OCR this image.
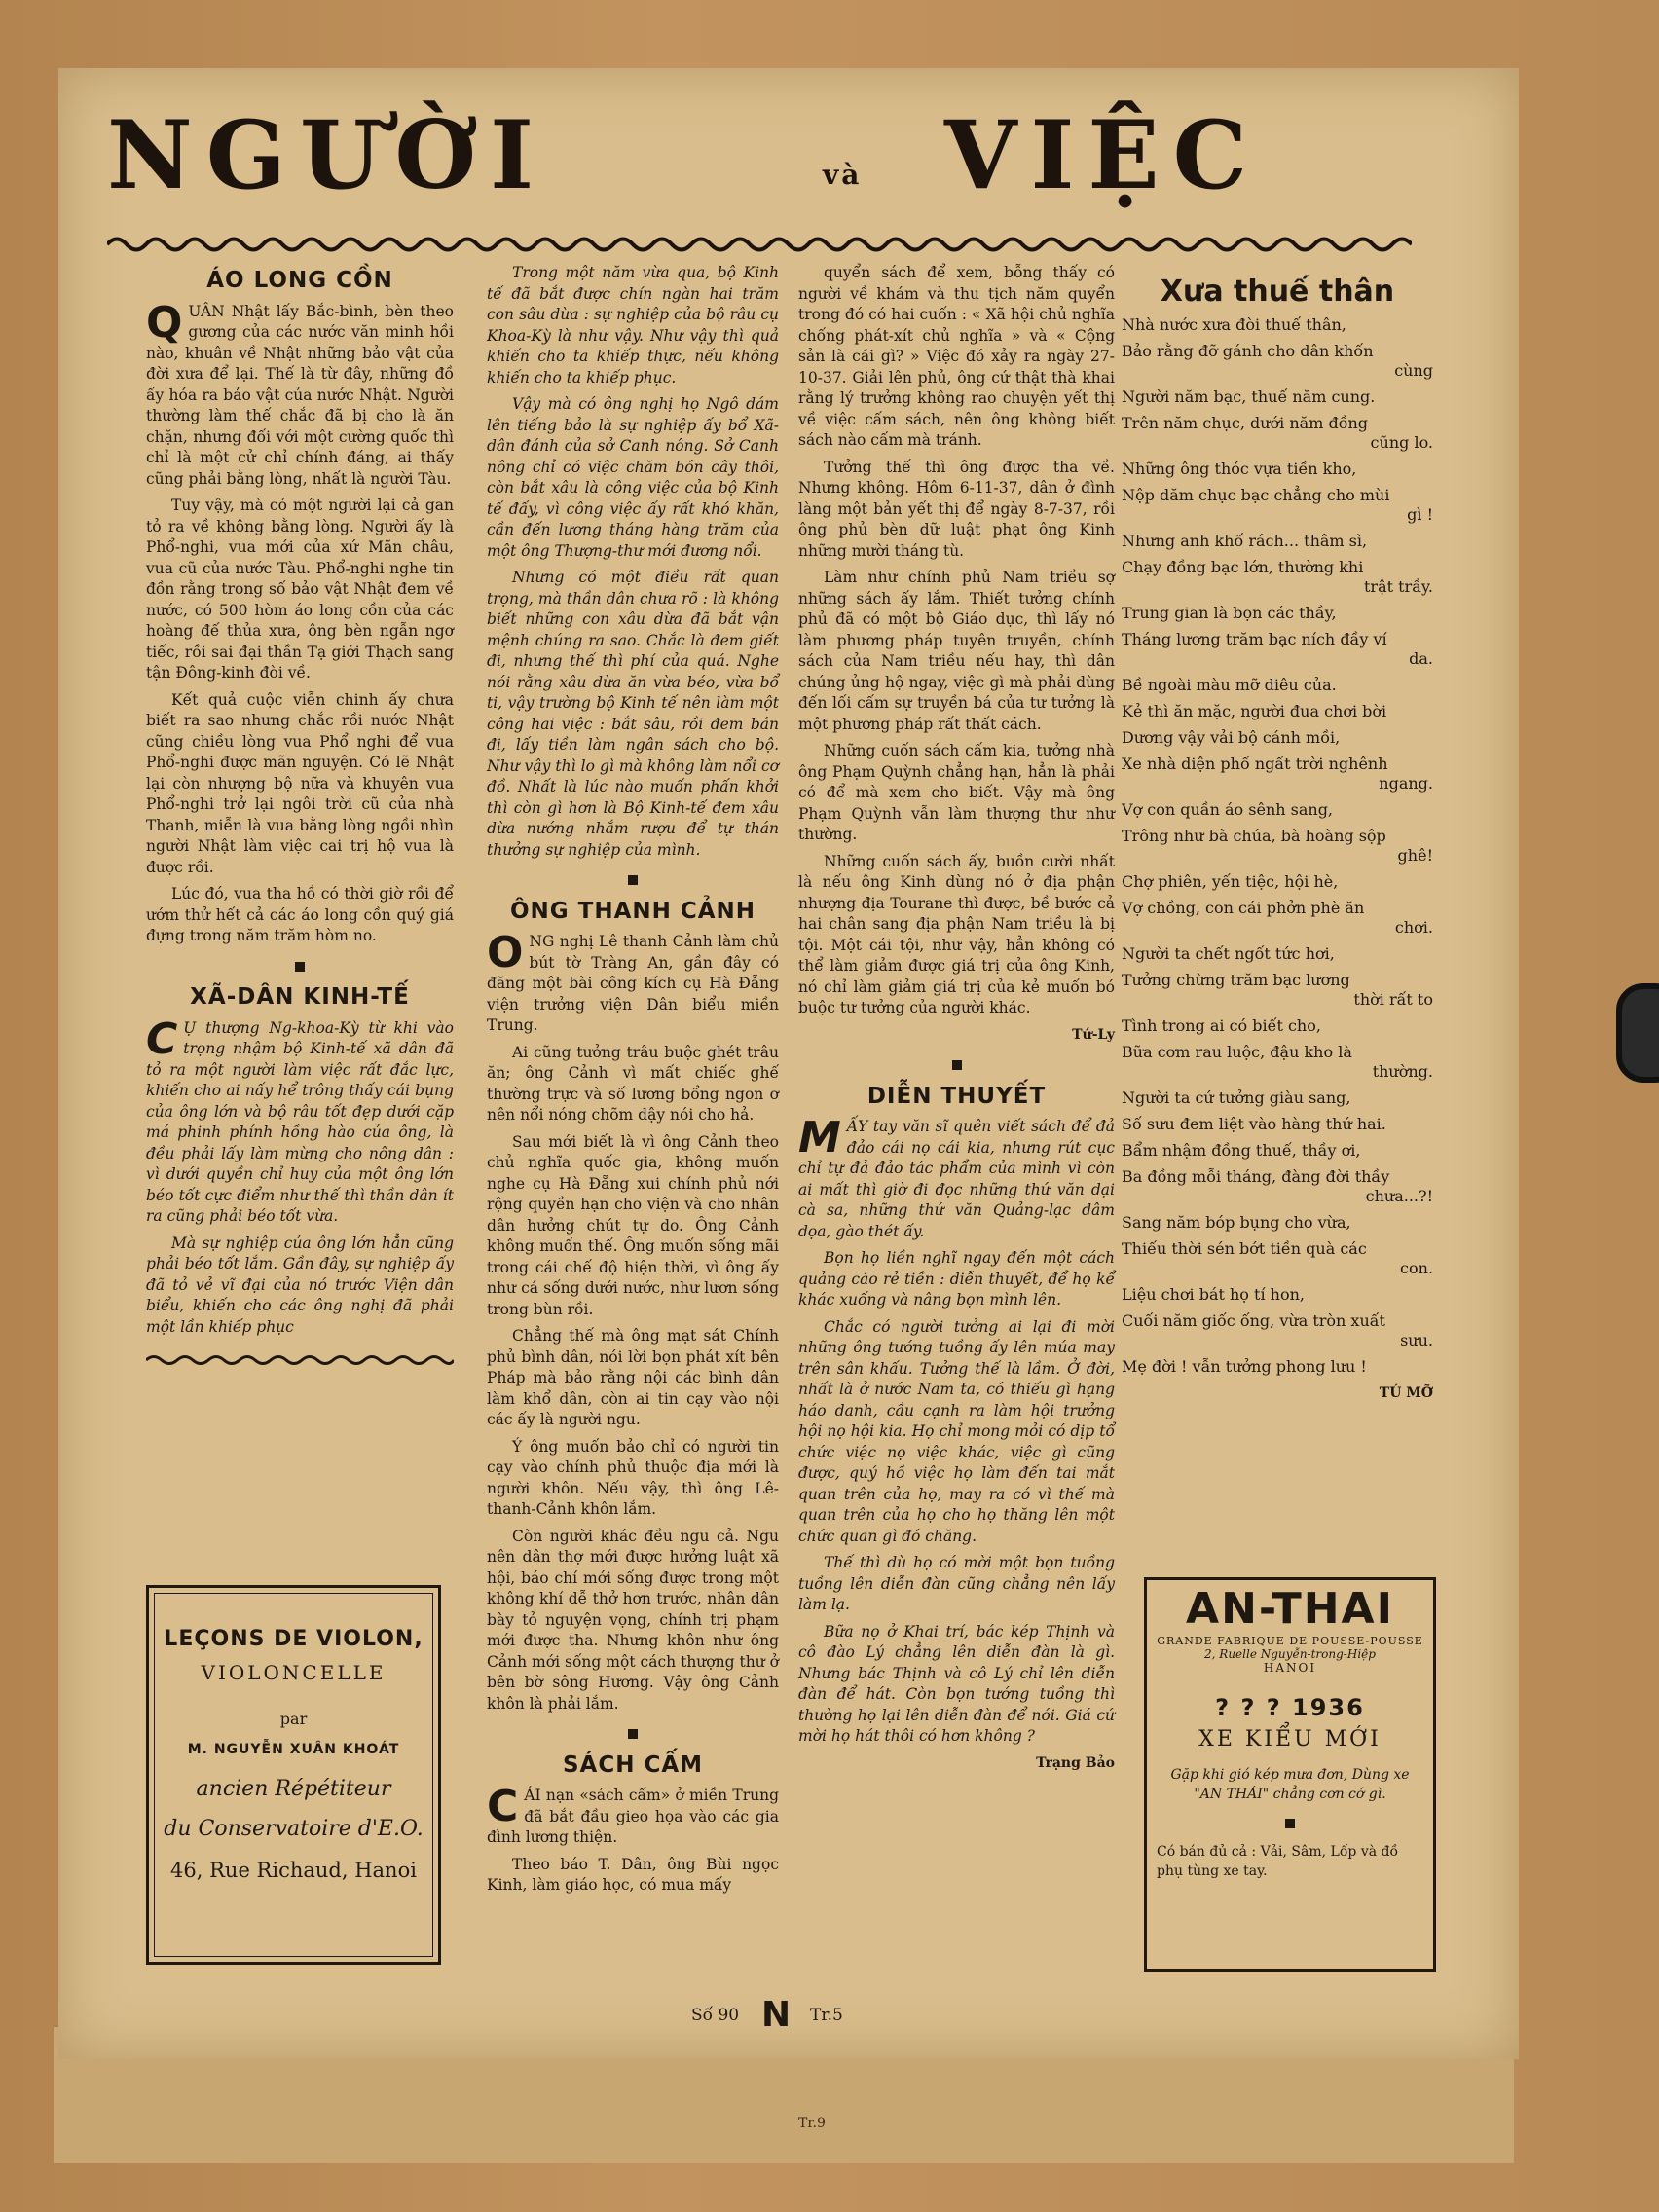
Tr.9
NGƯỜI	và VIỆC
ÁO LONG CỒN

QUÂN Nhật lấy Bắc-bình, bèn theo gương của các nước văn minh hồi nào, khuân về Nhật những bảo vật của đời xưa để lại. Thế là từ đây, những đồ ấy hóa ra bảo vật của nước Nhật. Người thường làm thế chắc đã bị cho là ăn chặn, nhưng đối với một cường quốc thì chỉ là một cử chỉ chính đáng, ai thấy cũng phải bằng lòng, nhất là người Tàu.

Tuy vậy, mà có một người lại cả gan tỏ ra về không bằng lòng. Người ấy là Phổ-nghi, vua mới của xứ Mãn châu, vua cũ của nước Tàu. Phổ-nghi nghe tin đồn rằng trong số bảo vật Nhật đem về nước, có 500 hòm áo long cồn của các hoàng đế thủa xưa, ông bèn ngẫn ngơ tiếc, rồi sai đại thần Tạ giới Thạch sang tận Đông-kinh đòi về.

Kết quả cuộc viễn chinh ấy chưa biết ra sao nhưng chắc rồi nước Nhật cũng chiều lòng vua Phổ nghi để vua Phổ-nghi được mãn nguyện. Có lẽ Nhật lại còn nhượng bộ nữa và khuyên vua Phổ-nghi trở lại ngôi trời cũ của nhà Thanh, miễn là vua bằng lòng ngồi nhìn người Nhật làm việc cai trị hộ vua là được rồi.

Lúc đó, vua tha hồ có thời giờ rồi để ướm thử hết cả các áo long cồn quý giá đựng trong năm trăm hòm no.

XÃ-DÂN KINH-TẾ

C Ụ thượng Ng-khoa-Kỳ từ khi vào trọng nhậm bộ Kinh-tế xã dân đã tỏ ra một người làm việc rất đắc lực, khiến cho ai nấy hể trông thấy cái bụng của ông lớn và bộ râu tốt đẹp dưới cặp má phinh phính hồng hào của ông, là đều phải lấy làm mừng cho nông dân : vì dưới quyền chỉ huy của một ông lớn béo tốt cực điểm như thế thì thần dân ít ra cũng phải béo tốt vừa.

Mà sự nghiệp của ông lớn hẳn cũng phải béo tốt lắm. Gần đây, sự nghiệp ấy đã tỏ vẻ vĩ đại của nó trước Viện dân biểu, khiến cho các ông nghị đã phải một lần khiếp phục

Trong một năm vừa qua, bộ Kinh tế đã bắt được chín ngàn hai trăm con sâu dừa : sự nghiệp của bộ râu cụ Khoa-Kỳ là như vậy. Như vậy thì quả khiến cho ta khiếp thực, nếu không khiến cho ta khiếp phục.

Vậy mà có ông nghị họ Ngô dám lên tiếng bảo là sự nghiệp ấy bổ Xã-dân đánh của sở Canh nông. Sở Canh nông chỉ có việc chăm bón cây thôi, còn bắt xâu là công việc của bộ Kinh tế đấy, vì công việc ấy rất khó khăn, cần đến lương tháng hàng trăm của một ông Thượng-thư mới đương nổi.

Nhưng có một điều rất quan trọng, mà thần dân chưa rõ : là không biết những con xâu dừa đã bắt vận mệnh chúng ra sao. Chắc là đem giết đi, nhưng thế thì phí của quá. Nghe nói rằng xâu dừa ăn vừa béo, vừa bổ ti, vậy trường bộ Kinh tế nên làm một công hai việc : bắt sâu, rồi đem bán đi, lấy tiền làm ngân sách cho bộ. Như vậy thì lo gì mà không làm nổi cơ đồ. Nhất là lúc nào muốn phấn khởi thì còn gì hơn là Bộ Kinh-tế đem xâu dừa nướng nhắm rượu để tự thán thưởng sự nghiệp của mình.

ÔNG THANH CẢNH

ONG nghị Lê thanh Cảnh làm chủ bút tờ Tràng An, gần đây có đăng một bài công kích cụ Hà Đẵng viện trưởng viện Dân biểu miền Trung.

Ai cũng tưởng trâu buộc ghét trâu ăn; ông Cảnh vì mất chiếc ghế thường trực và số lương bổng ngon ơ nên nổi nóng chõm dậy nói cho hả.

Sau mới biết là vì ông Cảnh theo chủ nghĩa quốc gia, không muốn nghe cụ Hà Đẵng xui chính phủ nới rộng quyền hạn cho viện và cho nhân dân hưởng chút tự do. Ông Cảnh không muốn thế. Ông muốn sống mãi trong cái chế độ hiện thời, vì ông ấy như cá sống dưới nước, như lươn sống trong bùn rồi.

Chẳng thế mà ông mạt sát Chính phủ bình dân, nói lời bọn phát xít bên Pháp mà bảo rằng nội các bình dân làm khổ dân, còn ai tin cạy vào nội các ấy là người ngu.

Ý ông muốn bảo chỉ có người tin cạy vào chính phủ thuộc địa mới là người khôn. Nếu vậy, thì ông Lê-thanh-Cảnh khôn lắm.

Còn người khác đều ngu cả. Ngu nên dân thợ mới được hưởng luật xã hội, báo chí mới sống được trong một không khí dễ thở hơn trước, nhân dân bày tỏ nguyện vọng, chính trị phạm mới được tha. Nhưng khôn như ông Cảnh mới sống một cách thượng thư ở bên bờ sông Hương. Vậy ông Cảnh khôn là phải lắm.

SÁCH CẤM

CÁI nạn «sách cấm» ở miền Trung đã bắt đầu gieo họa vào các gia đình lương thiện.

Theo báo T. Dân, ông Bùi ngọc Kinh, làm giáo học, có mua mấy

quyển sách để xem, bỗng thấy có người về khám và thu tịch năm quyển trong đó có hai cuốn : « Xã hội chủ nghĩa chống phát-xít chủ nghĩa » và « Cộng sản là cái gì? » Việc đó xảy ra ngày 27-10-37. Giải lên phủ, ông cứ thật thà khai rằng lý trưởng không rao chuyện yết thị về việc cấm sách, nên ông không biết sách nào cấm mà tránh.

Tưởng thế thì ông được tha về. Nhưng không. Hôm 6-11-37, dân ở đình làng một bản yết thị để ngày 8-7-37, rồi ông phủ bèn dữ luật phạt ông Kinh những mười tháng tù.

Làm như chính phủ Nam triều sợ những sách ấy lắm. Thiết tưởng chính phủ đã có một bộ Giáo dục, thì lấy nó làm phương pháp tuyên truyền, chính sách của Nam triều nếu hay, thì dân chúng ủng hộ ngay, việc gì mà phải dùng đến lối cấm sự truyền bá của tư tưởng là một phương pháp rất thất cách.

Những cuốn sách cấm kia, tưởng nhà ông Phạm Quỳnh chẳng hạn, hẳn là phải có để mà xem cho biết. Vậy mà ông Phạm Quỳnh vẫn làm thượng thư như thường.

Những cuốn sách ấy, buồn cười nhất là nếu ông Kinh dùng nó ở địa phận nhượng địa Tourane thì được, bề bước cả hai chân sang địa phận Nam triều là bị tội. Một cái tội, như vậy, hẳn không có thể làm giảm được giá trị của ông Kinh, nó chỉ làm giảm giá trị của kẻ muốn bó buộc tư tưởng của người khác.

Tứ-Ly
DIỄN THUYẾT

MẤY tay văn sĩ quên viết sách để đả đảo cái nọ cái kia, nhưng rút cục chỉ tự đả đảo tác phẩm của mình vì còn ai mất thì giờ đi đọc những thứ văn dại cà sa, những thứ văn Quảng-lạc dâm dọa, gào thét ấy.

Bọn họ liền nghĩ ngay đến một cách quảng cáo rẻ tiền : diễn thuyết, để họ kể khác xuống và nâng bọn mình lên.

Chắc có người tưởng ai lại đi mời những ông tướng tuồng ấy lên múa may trên sân khấu. Tưởng thế là lầm. Ở đời, nhất là ở nước Nam ta, có thiếu gì hạng háo danh, cầu cạnh ra làm hội trưởng hội nọ hội kia. Họ chỉ mong mỏi có dịp tổ chức việc nọ việc khác, việc gì cũng được, quý hồ việc họ làm đến tai mắt quan trên của họ, may ra có vì thế mà quan trên của họ cho họ thăng lên một chức quan gì đó chăng.

Thế thì dù họ có mời một bọn tuồng tuồng lên diễn đàn cũng chẳng nên lấy làm lạ.

Bữa nọ ở Khai trí, bác kép Thịnh và cô đào Lý chẳng lên diễn đàn là gì. Nhưng bác Thịnh và cô Lý chỉ lên diễn đàn để hát. Còn bọn tướng tuồng thì thường họ lại lên diễn đàn để nói. Giá cứ mời họ hát thôi có hơn không ?

Trạng Bảo
Xưa thuế thân
Nhà nước xưa đòi thuế thân,
Bảo rằng đỡ gánh cho dân khốn
cùng
Người năm bạc, thuế năm cung.
Trên năm chục, dưới năm đồng
cũng lo.
Những ông thóc vựa tiền kho,
Nộp dăm chục bạc chẳng cho mùi
gì !
Nhưng anh khố rách... thâm sì,
Chạy đồng bạc lớn, thường khi
trật trầy.
Trung gian là bọn các thầy,
Tháng lương trăm bạc ních đầy ví
da.
Bề ngoài màu mỡ diêu của.
Kẻ thì ăn mặc, người đua chơi bời
Dương vậy vải bộ cánh mồi,
Xe nhà diện phố ngất trời nghênh
ngang.
Vợ con quần áo sênh sang,
Trông như bà chúa, bà hoàng sộp
ghê!
Chợ phiên, yến tiệc, hội hè,
Vợ chồng, con cái phởn phè ăn
chơi.
Người ta chết ngốt tức hơi,
Tưởng chừng trăm bạc lương
thời rất to
Tình trong ai có biết cho,
Bữa cơm rau luộc, đậu kho là
thường.
Người ta cứ tưởng giàu sang,
Số sưu đem liệt vào hàng thứ hai.
Bẩm nhậm đồng thuế, thầy ơi,
Ba đồng mỗi tháng, đàng đời thầy
chưa...?!
Sang năm bóp bụng cho vừa,
Thiếu thời sén bớt tiền quà các
con.
Liệu chơi bát họ tí hon,
Cuối năm giốc ống, vừa tròn xuất
sưu.
Mẹ đời ! vẫn tưởng phong lưu !
TÚ MỠ
LEÇONS DE VIOLON,
VIOLONCELLE
par
M. NGUYỄN XUÂN KHOÁT
ancien Répétiteur
du Conservatoire d'E.O.
46, Rue Richaud, Hanoi
AN-THAI
GRANDE FABRIQUE DE POUSSE-POUSSE
2, Ruelle Nguyễn-trong-Hiệp
HANOI
? ? ? 1936
XE KIỂU MỚI
Gặp khi gió kép mưa đơn, Dùng xe "AN THÁI" chẳng cơn cớ gì.
Có bán đủ cả : Vải, Sâm, Lốp và đồ phụ tùng xe tay.
Số 90 N Tr.5
